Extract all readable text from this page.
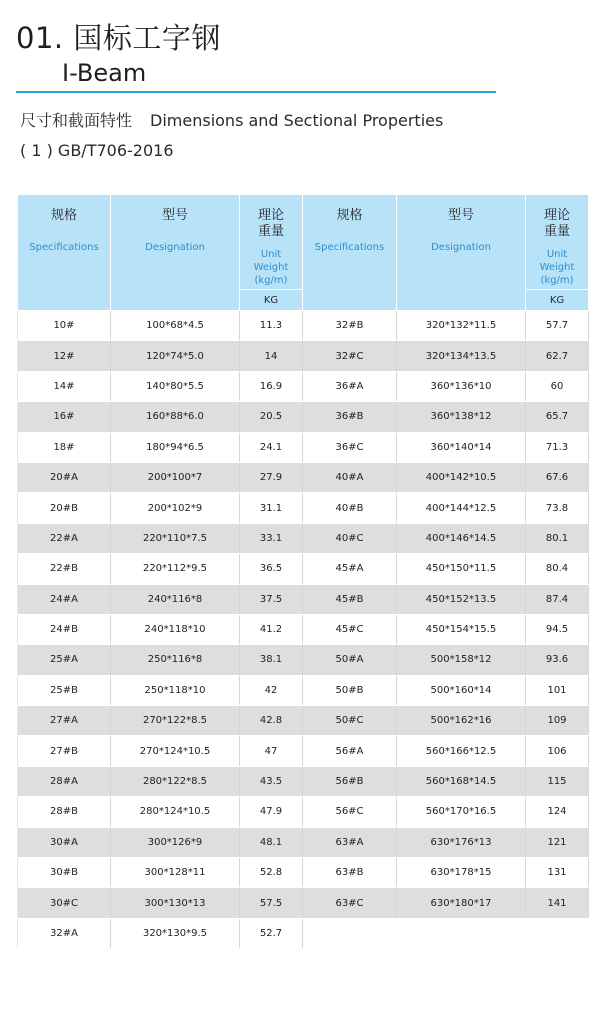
01. 国标工字钢
I-Beam
尺寸和截面特性 Dimensions and Sectional Properties
( 1 ) GB/T706-2016
规格
Specifications	型号
Designation	理论
重量
Unit
Weight
(kg/m)	规格
Specifications	型号
Designation	理论
重量
Unit
Weight
(kg/m)

		KG			KG
10#	100*68*4.5	11.3	32#B	320*132*11.5	57.7
12#	120*74*5.0	14	32#C	320*134*13.5	62.7
14#	140*80*5.5	16.9	36#A	360*136*10	60
16#	160*88*6.0	20.5	36#B	360*138*12	65.7
18#	180*94*6.5	24.1	36#C	360*140*14	71.3
20#A	200*100*7	27.9	40#A	400*142*10.5	67.6
20#B	200*102*9	31.1	40#B	400*144*12.5	73.8
22#A	220*110*7.5	33.1	40#C	400*146*14.5	80.1
22#B	220*112*9.5	36.5	45#A	450*150*11.5	80.4
24#A	240*116*8	37.5	45#B	450*152*13.5	87.4
24#B	240*118*10	41.2	45#C	450*154*15.5	94.5
25#A	250*116*8	38.1	50#A	500*158*12	93.6
25#B	250*118*10	42	50#B	500*160*14	101
27#A	270*122*8.5	42.8	50#C	500*162*16	109
27#B	270*124*10.5	47	56#A	560*166*12.5	106
28#A	280*122*8.5	43.5	56#B	560*168*14.5	115
28#B	280*124*10.5	47.9	56#C	560*170*16.5	124
30#A	300*126*9	48.1	63#A	630*176*13	121
30#B	300*128*11	52.8	63#B	630*178*15	131
30#C	300*130*13	57.5	63#C	630*180*17	141
32#A	320*130*9.5	52.7			
